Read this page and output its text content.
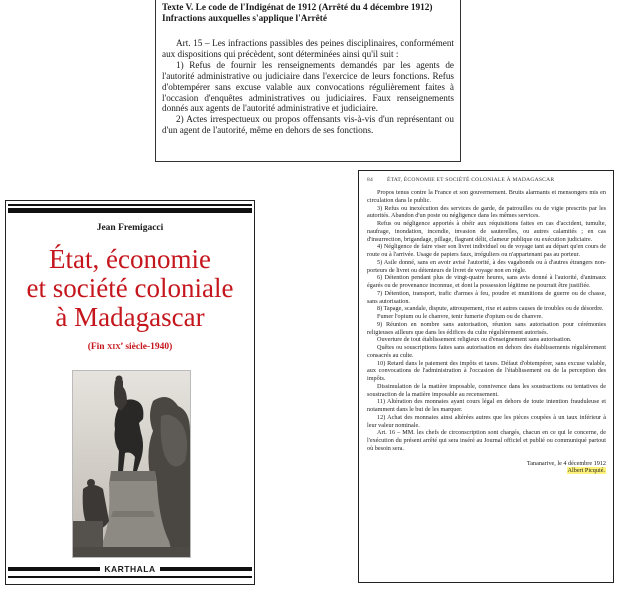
Texte V. Le code de l'Indigénat de 1912 (Arrêté du 4 décembre 1912)
Infractions auxquelles s'applique l'Arrêté

Art. 15 – Les infractions passibles des peines disciplinaires, conformément aux dispositions qui précèdent, sont déterminées ainsi qu'il suit :

1) Refus de fournir les renseignements demandés par les agents de l'autorité administrative ou judiciaire dans l'exercice de leurs fonctions. Refus d'obtempérer sans excuse valable aux convocations régulièrement faites à l'occasion d'enquêtes administratives ou judiciaires. Faux renseignements donnés aux agents de l'autorité administrative et judiciaire.

2) Actes irrespectueux ou propos offensants vis-à-vis d'un représentant ou d'un agent de l'autorité, même en dehors de ses fonctions.

Jean Fremigacci
État, économie
et société coloniale
à Madagascar
(Fin XIXe siècle-1940)
KARTHALA
84	ÉTAT, ÉCONOMIE ET SOCIÉTÉ COLONIALE À MADAGASCAR

Propos tenus contre la France et son gouvernement. Bruits alarmants et mensongers mis en circulation dans le public.

3) Refus ou inexécution des services de garde, de patrouilles ou de vigie prescrits par les autorités. Abandon d'un poste ou négligence dans les mêmes services.

Refus ou négligence apportés à obéir aux réquisitions faites en cas d'accident, tumulte, naufrage, inondation, incendie, invasion de sauterelles, ou autres calamités ; en cas d'insurrection, brigandage, pillage, flagrant délit, clameur publique ou exécution judiciaire.

4) Négligence de faire viser son livret individuel ou de voyage tant au départ qu'en cours de route ou à l'arrivée. Usage de papiers faux, irréguliers ou n'appartenant pas au porteur.

5) Asile donné, sans en avoir avisé l'autorité, à des vagabonds ou à d'autres étrangers non-porteurs de livret ou détenteurs de livret de voyage non en règle.

6) Détention pendant plus de vingt-quatre heures, sans avis donné à l'autorité, d'animaux égarés ou de provenance inconnue, et dont la possession légitime ne pourrait être justifiée.

7) Détention, transport, trafic d'armes à feu, poudre et munitions de guerre ou de chasse, sans autorisation.

8) Tapage, scandale, dispute, attroupement, rixe et autres causes de troubles ou de désordre.

Fumer l'opium ou le chanvre, tenir fumerie d'opium ou de chanvre.

9) Réunion en nombre sans autorisation, réunion sans autorisation pour cérémonies religieuses ailleurs que dans les édifices du culte régulièrement autorisés.

Ouverture de tout établissement religieux ou d'enseignement sans autorisation.

Quêtes ou souscriptions faites sans autorisation en dehors des établissements régulièrement consacrés au culte.

10) Retard dans le paiement des impôts et taxes. Défaut d'obtempérer, sans excuse valable, aux convocations de l'administration à l'occasion de l'établissement ou de la perception des impôts.

Dissimulation de la matière imposable, connivence dans les soustractions ou tentatives de soustraction de la matière imposable au recensement.

11) Altération des monnaies ayant cours légal en dehors de toute intention frauduleuse et notamment dans le but de les marquer.

12) Achat des monnaies ainsi altérées autres que les pièces coupées à un taux inférieur à leur valeur nominale.

Art. 16 – MM. les chefs de circonscription sont chargés, chacun en ce qui le concerne, de l'exécution du présent arrêté qui sera inséré au Journal officiel et publié ou communiqué partout où besoin sera.

Tananarive, le 4 décembre 1912
Albert Picquié.
